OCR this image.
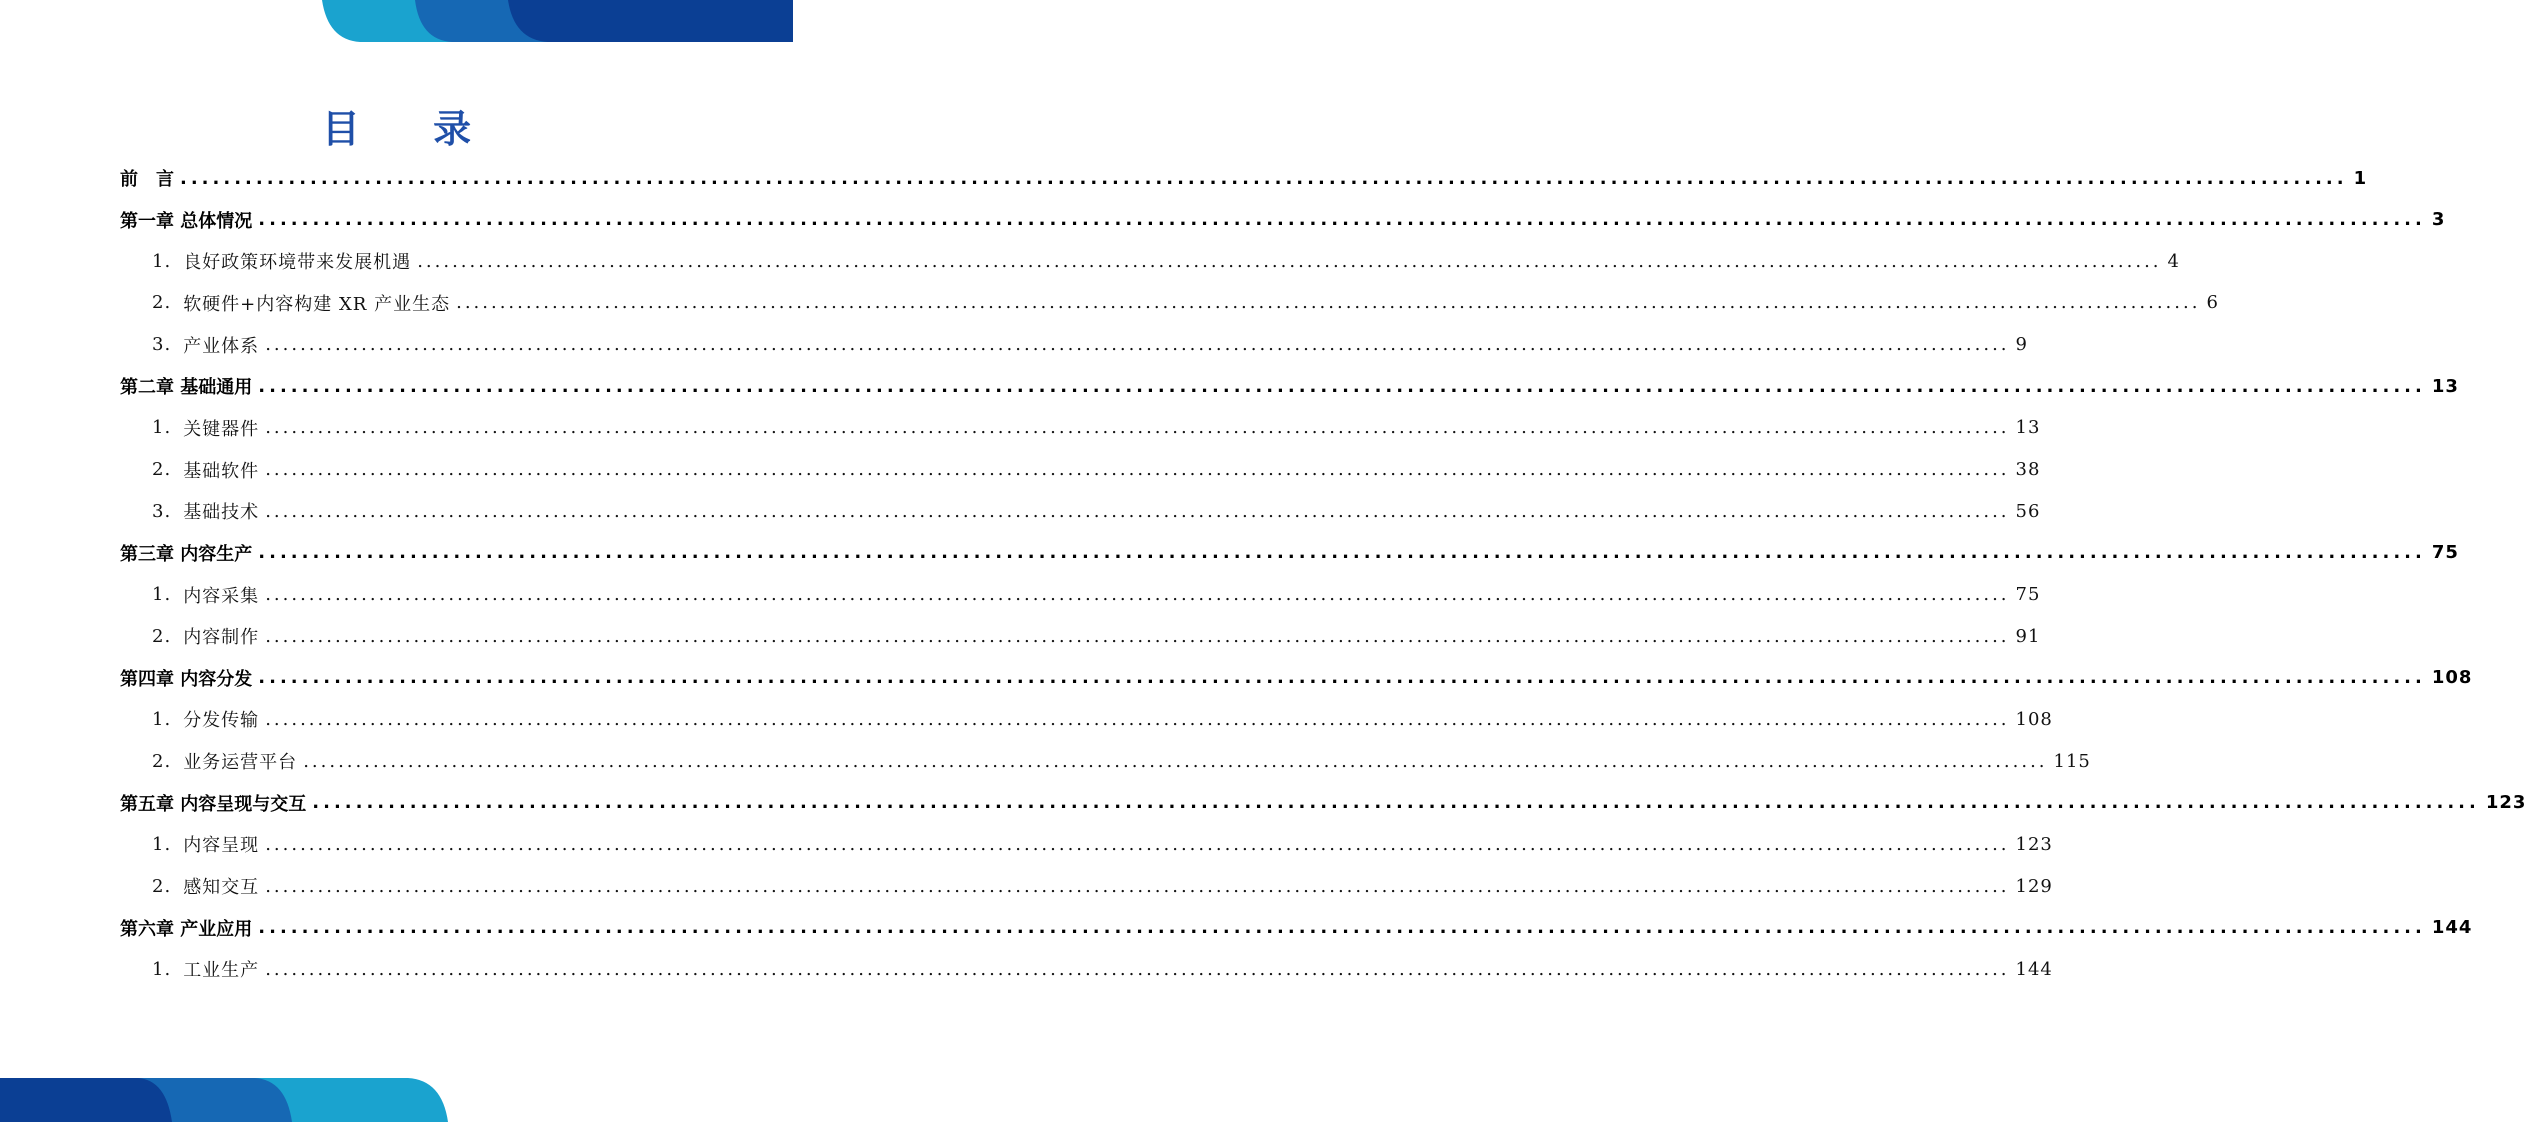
目 录
前　言 ........................................................................................................................................................................................................ 1
第一章 总体情况 ........................................................................................................................................................................................................ 3
1. 良好政策环境带来发展机遇 ........................................................................................................................................................................................................ 4
2. 软硬件+内容构建 XR 产业生态 ........................................................................................................................................................................................................ 6
3. 产业体系 ........................................................................................................................................................................................................ 9
第二章 基础通用 ........................................................................................................................................................................................................ 13
1. 关键器件 ........................................................................................................................................................................................................ 13
2. 基础软件 ........................................................................................................................................................................................................ 38
3. 基础技术 ........................................................................................................................................................................................................ 56
第三章 内容生产 ........................................................................................................................................................................................................ 75
1. 内容采集 ........................................................................................................................................................................................................ 75
2. 内容制作 ........................................................................................................................................................................................................ 91
第四章 内容分发 ........................................................................................................................................................................................................ 108
1. 分发传输 ........................................................................................................................................................................................................ 108
2. 业务运营平台 ........................................................................................................................................................................................................ 115
第五章 内容呈现与交互 ........................................................................................................................................................................................................ 123
1. 内容呈现 ........................................................................................................................................................................................................ 123
2. 感知交互 ........................................................................................................................................................................................................ 129
第六章 产业应用 ........................................................................................................................................................................................................ 144
1. 工业生产 ........................................................................................................................................................................................................ 144
